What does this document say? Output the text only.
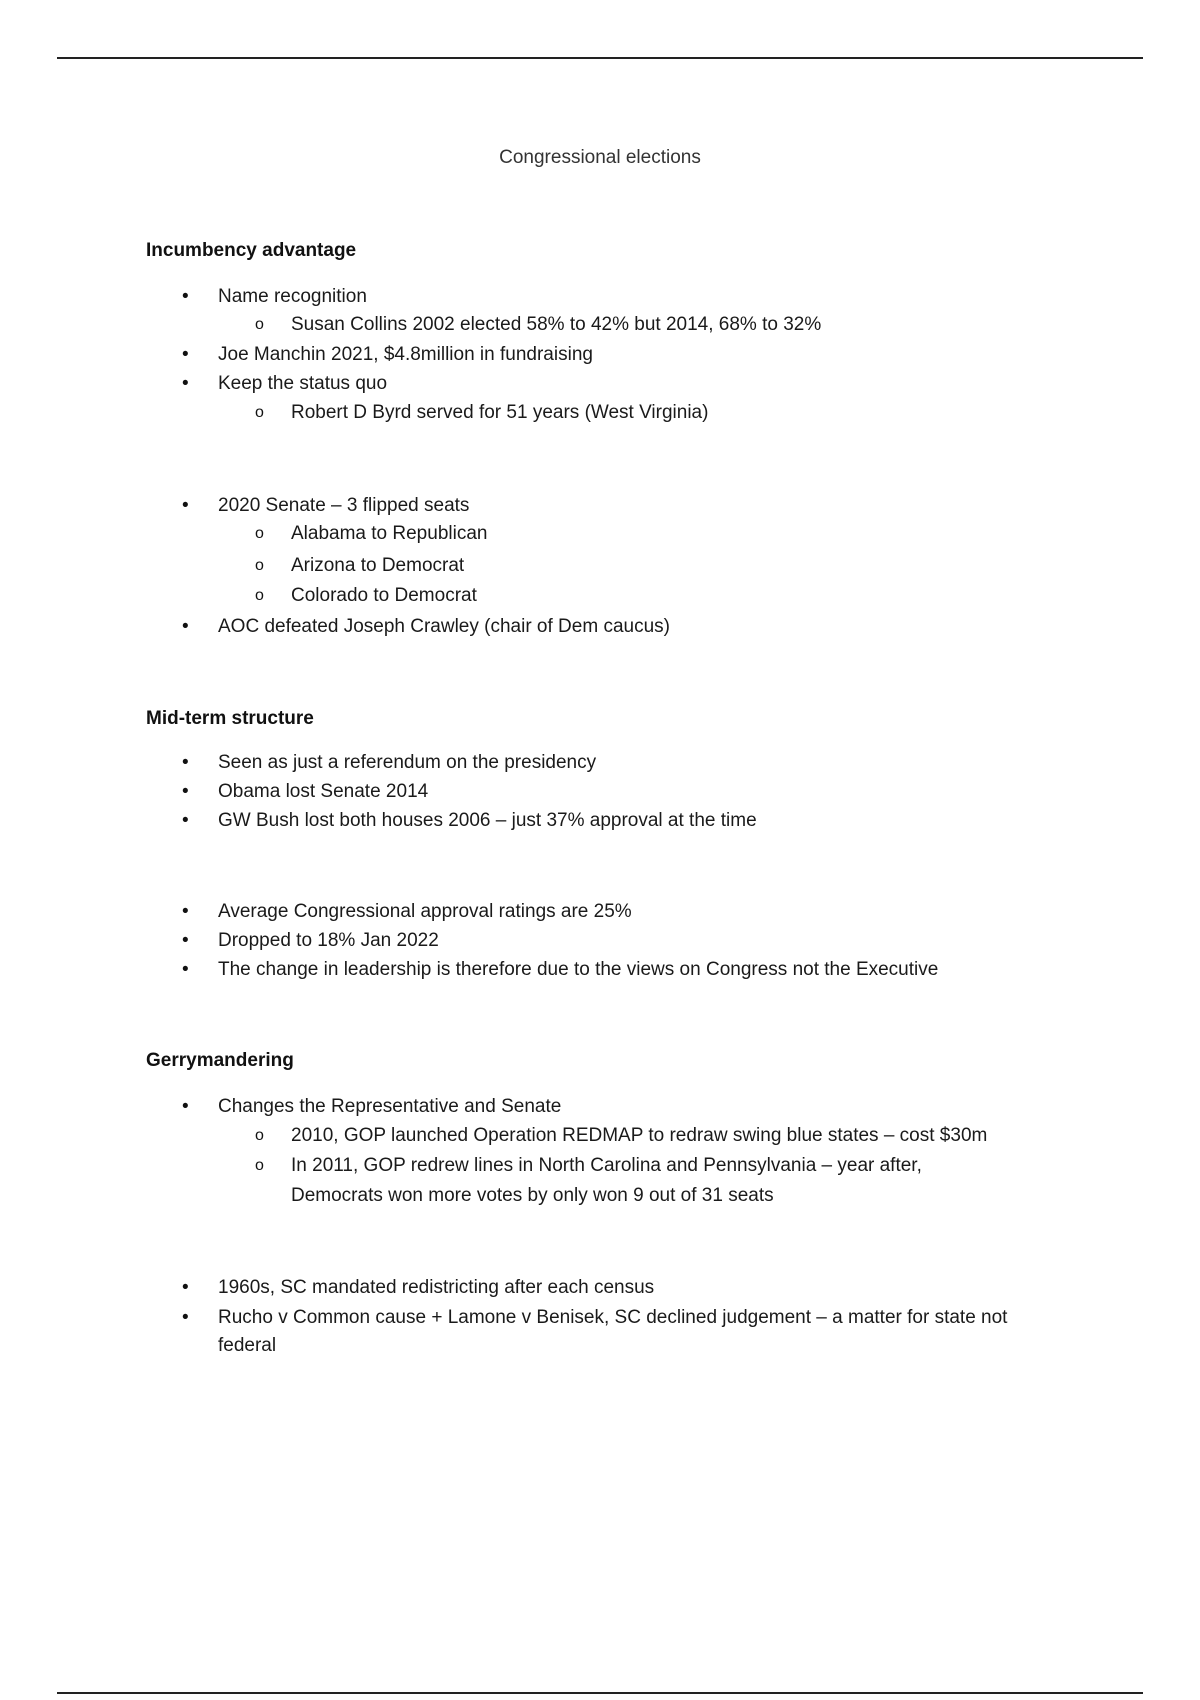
Congressional elections
Incumbency advantage
• Name recognition
o Susan Collins 2002 elected 58% to 42% but 2014, 68% to 32%
• Joe Manchin 2021, $4.8million in fundraising
• Keep the status quo
o Robert D Byrd served for 51 years (West Virginia)
• 2020 Senate – 3 flipped seats
o Alabama to Republican
o Arizona to Democrat
o Colorado to Democrat
• AOC defeated Joseph Crawley (chair of Dem caucus)
Mid-term structure
• Seen as just a referendum on the presidency
• Obama lost Senate 2014
• GW Bush lost both houses 2006 – just 37% approval at the time
• Average Congressional approval ratings are 25%
• Dropped to 18% Jan 2022
• The change in leadership is therefore due to the views on Congress not the Executive
Gerrymandering
• Changes the Representative and Senate
o 2010, GOP launched Operation REDMAP to redraw swing blue states – cost $30m
o In 2011, GOP redrew lines in North Carolina and Pennsylvania – year after,
Democrats won more votes by only won 9 out of 31 seats
• 1960s, SC mandated redistricting after each census
• Rucho v Common cause + Lamone v Benisek, SC declined judgement – a matter for state not
federal
